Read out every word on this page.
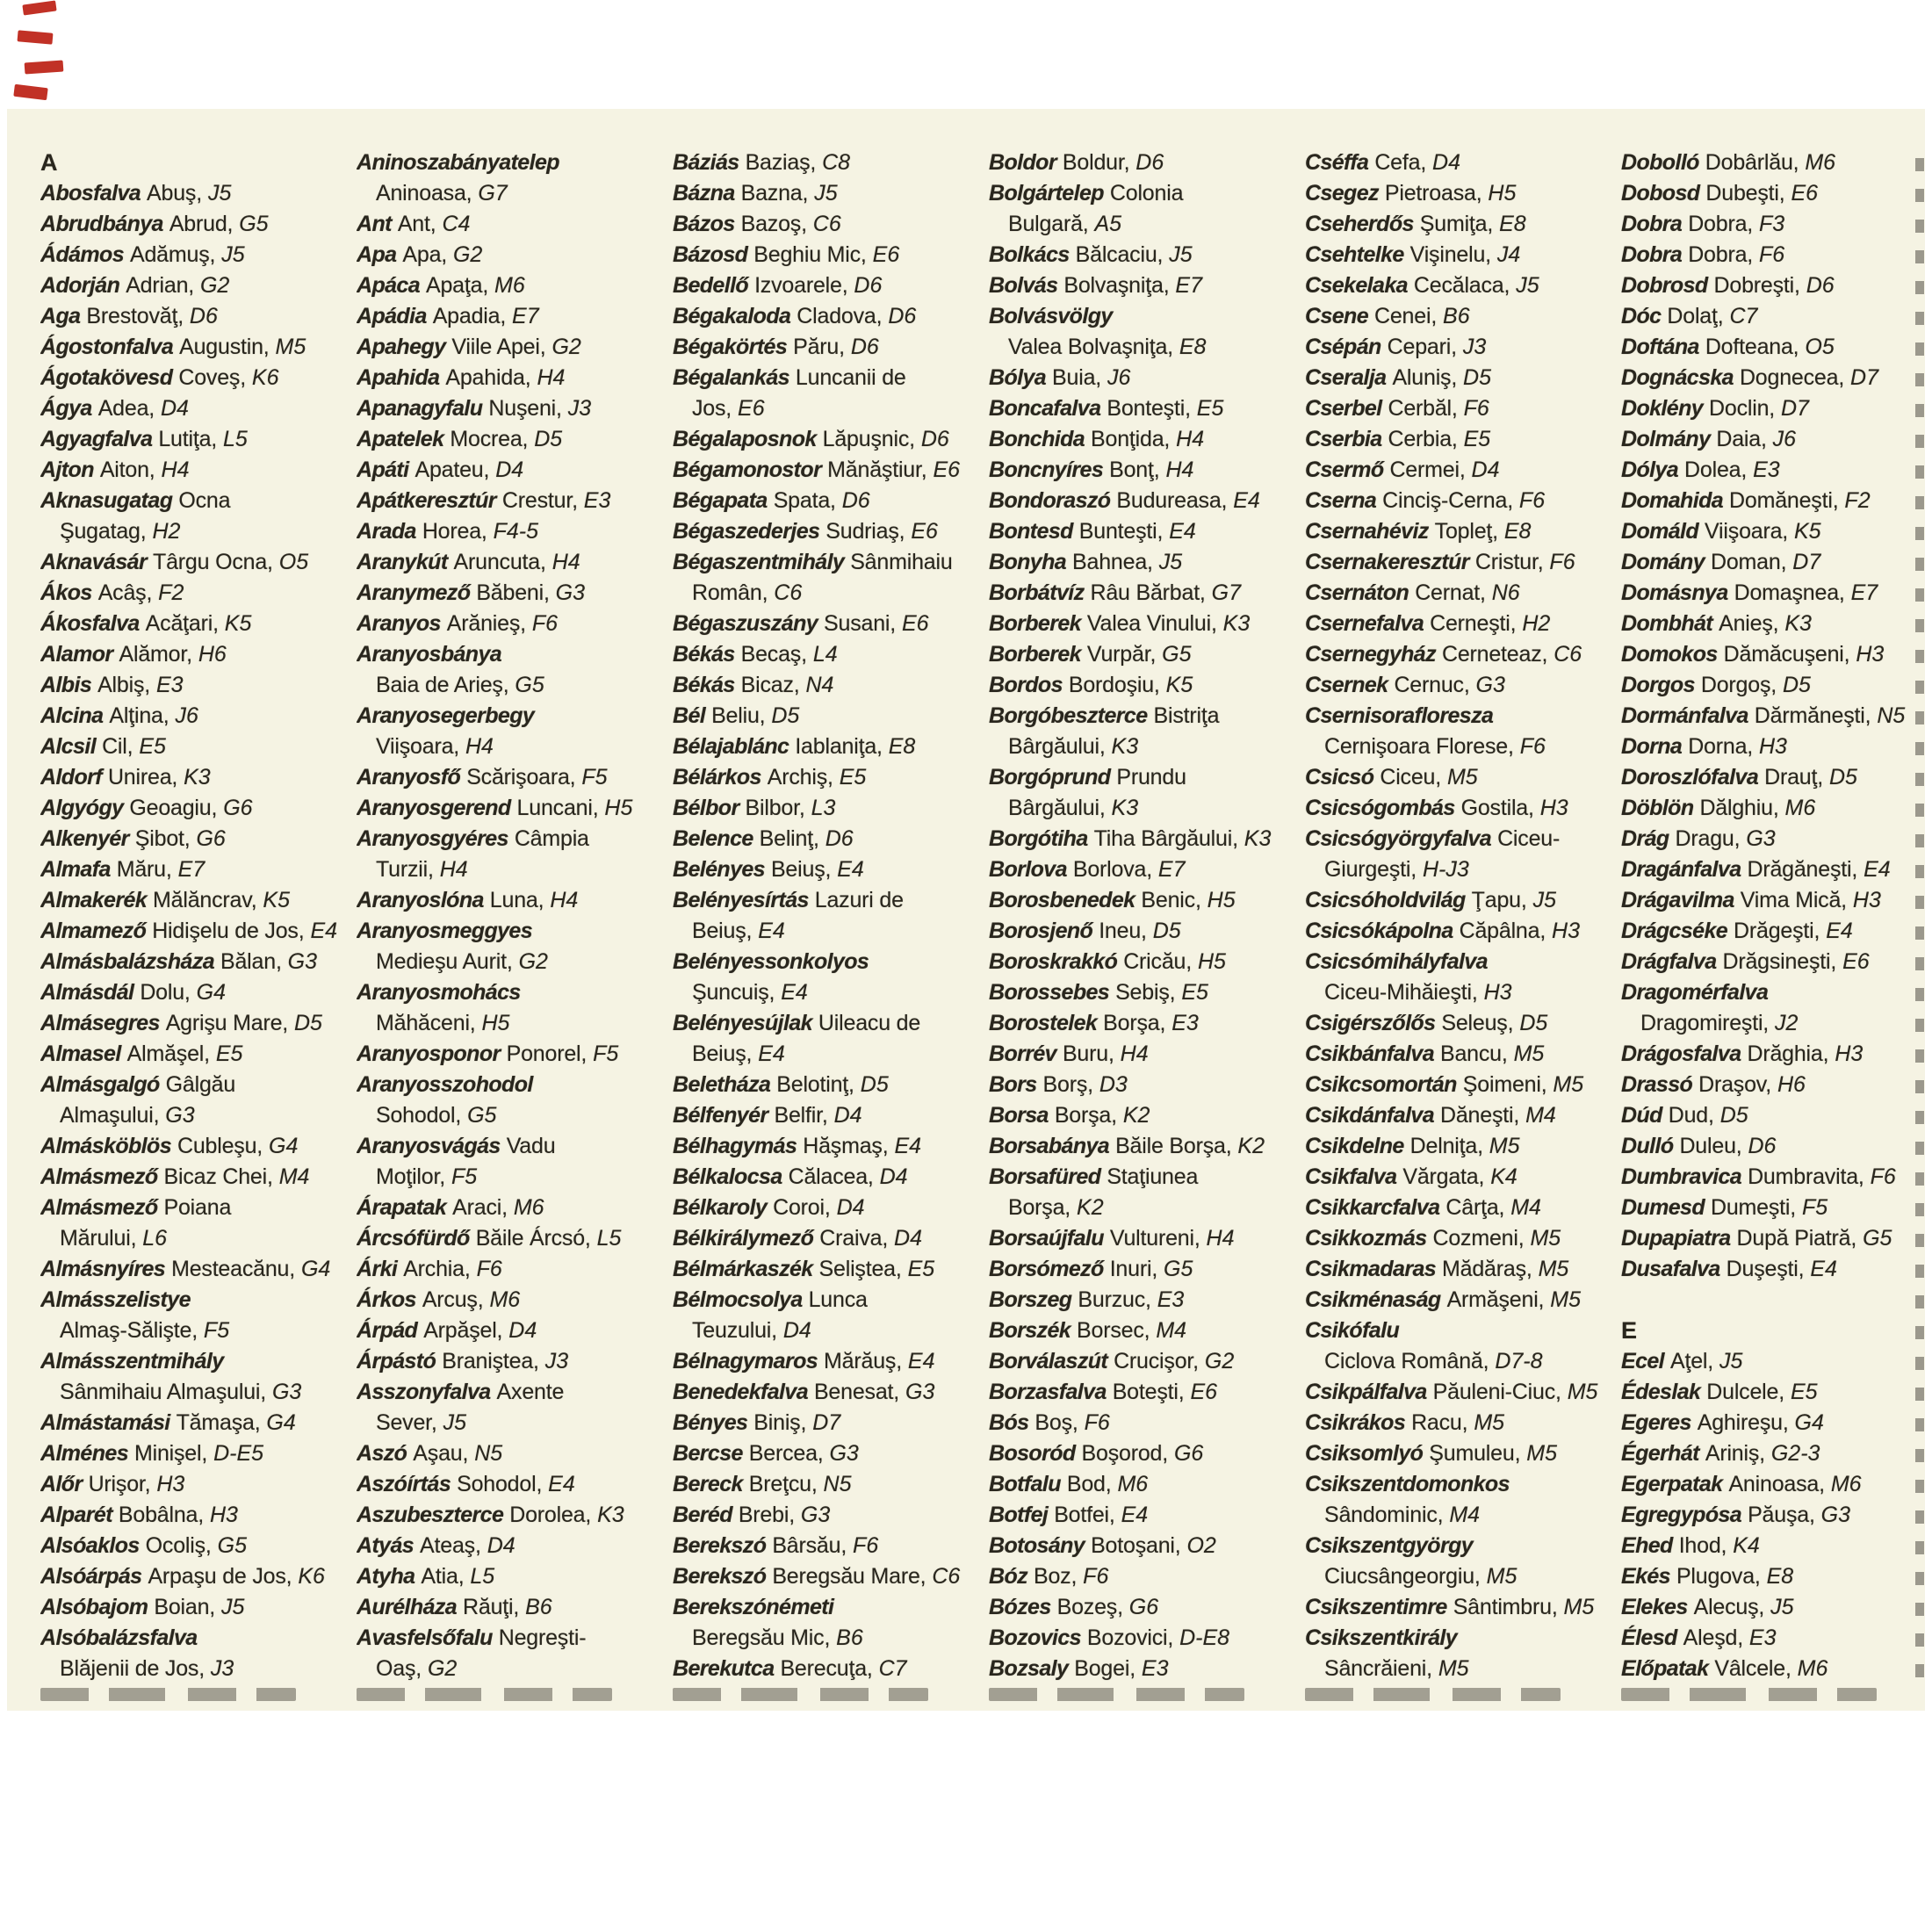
A
Abosfalva Abuş, J5
Abrudbánya Abrud, G5
Ádámos Adămuş, J5
Adorján Adrian, G2
Aga Brestovăţ, D6
Ágostonfalva Augustin, M5
Ágotakövesd Coveş, K6
Ágya Adea, D4
Agyagfalva Lutiţa, L5
Ajton Aiton, H4
Aknasugatag Ocna
Şugatag, H2
Aknavásár Târgu Ocna, O5
Ákos Acâş, F2
Ákosfalva Acăţari, K5
Alamor Alămor, H6
Albis Albiş, E3
Alcina Alţina, J6
Alcsil Cil, E5
Aldorf Unirea, K3
Algyógy Geoagiu, G6
Alkenyér Şibot, G6
Almafa Măru, E7
Almakerék Mălăncrav, K5
Almamező Hidişelu de Jos, E4
Almásbalázsháza Bălan, G3
Almásdál Dolu, G4
Almásegres Agrişu Mare, D5
Almasel Almăşel, E5
Almásgalgó Gâlgău
Almaşului, G3
Almásköblös Cubleşu, G4
Almásmező Bicaz Chei, M4
Almásmező Poiana
Mărului, L6
Almásnyíres Mesteacănu, G4
Almásszelistye
Almaş-Sălişte, F5
Almásszentmihály
Sânmihaiu Almaşului, G3
Almástamási Tămaşa, G4
Alménes Minişel, D-E5
Alőr Urişor, H3
Alparét Bobâlna, H3
Alsóaklos Ocoliş, G5
Alsóárpás Arpaşu de Jos, K6
Alsóbajom Boian, J5
Alsóbalázsfalva
Blăjenii de Jos, J3
Aninoszabányatelep
Aninoasa, G7
Ant Ant, C4
Apa Apa, G2
Apáca Apaţa, M6
Apádia Apadia, E7
Apahegy Viile Apei, G2
Apahida Apahida, H4
Apanagyfalu Nuşeni, J3
Apatelek Mocrea, D5
Apáti Apateu, D4
Apátkeresztúr Crestur, E3
Arada Horea, F4-5
Aranykút Aruncuta, H4
Aranymező Băbeni, G3
Aranyos Arănieş, F6
Aranyosbánya
Baia de Arieş, G5
Aranyosegerbegy
Viişoara, H4
Aranyosfő Scărişoara, F5
Aranyosgerend Luncani, H5
Aranyosgyéres Câmpia
Turzii, H4
Aranyoslóna Luna, H4
Aranyosmeggyes
Medieşu Aurit, G2
Aranyosmohács
Măhăceni, H5
Aranyosponor Ponorel, F5
Aranyosszohodol
Sohodol, G5
Aranyosvágás Vadu
Moţilor, F5
Árapatak Araci, M6
Árcsófürdő Băile Árcsó, L5
Árki Archia, F6
Árkos Arcuş, M6
Árpád Arpăşel, D4
Árpástó Braniştea, J3
Asszonyfalva Axente
Sever, J5
Aszó Aşau, N5
Aszóírtás Sohodol, E4
Aszubeszterce Dorolea, K3
Atyás Ateaş, D4
Atyha Atia, L5
Aurélháza Răuţi, B6
Avasfelsőfalu Negreşti-
Oaş, G2
Báziás Baziaş, C8
Bázna Bazna, J5
Bázos Bazoş, C6
Bázosd Beghiu Mic, E6
Bedellő Izvoarele, D6
Bégakaloda Cladova, D6
Bégakörtés Păru, D6
Bégalankás Luncanii de
Jos, E6
Bégalaposnok Lăpuşnic, D6
Bégamonostor Mănăştiur, E6
Bégapata Spata, D6
Bégaszederjes Sudriaş, E6
Bégaszentmihály Sânmihaiu
Român, C6
Bégaszuszány Susani, E6
Békás Becaş, L4
Békás Bicaz, N4
Bél Beliu, D5
Bélajablánc Iablaniţa, E8
Bélárkos Archiş, E5
Bélbor Bilbor, L3
Belence Belinţ, D6
Belényes Beiuş, E4
Belényesírtás Lazuri de
Beiuş, E4
Belényessonkolyos
Şuncuiş, E4
Belényesújlak Uileacu de
Beiuş, E4
Beletháza Belotinţ, D5
Bélfenyér Belfir, D4
Bélhagymás Hăşmaş, E4
Bélkalocsa Călacea, D4
Bélkaroly Coroi, D4
Bélkirálymező Craiva, D4
Bélmárkaszék Seliştea, E5
Bélmocsolya Lunca
Teuzului, D4
Bélnagymaros Mărăuş, E4
Benedekfalva Benesat, G3
Bényes Biniş, D7
Bercse Bercea, G3
Bereck Breţcu, N5
Beréd Brebi, G3
Berekszó Bârsău, F6
Berekszó Beregsău Mare, C6
Berekszónémeti
Beregsău Mic, B6
Berekutca Berecuţa, C7
Boldor Boldur, D6
Bolgártelep Colonia
Bulgară, A5
Bolkács Bălcaciu, J5
Bolvás Bolvaşniţa, E7
Bolvásvölgy
Valea Bolvaşniţa, E8
Bólya Buia, J6
Boncafalva Bonteşti, E5
Bonchida Bonţida, H4
Boncnyíres Bonţ, H4
Bondoraszó Budureasa, E4
Bontesd Bunteşti, E4
Bonyha Bahnea, J5
Borbátvíz Râu Bărbat, G7
Borberek Valea Vinului, K3
Borberek Vurpăr, G5
Bordos Bordoşiu, K5
Borgóbeszterce Bistriţa
Bârgăului, K3
Borgóprund Prundu
Bârgăului, K3
Borgótiha Tiha Bârgăului, K3
Borlova Borlova, E7
Borosbenedek Benic, H5
Borosjenő Ineu, D5
Boroskrakkó Cricău, H5
Borossebes Sebiş, E5
Borostelek Borşa, E3
Borrév Buru, H4
Bors Borş, D3
Borsa Borşa, K2
Borsabánya Băile Borşa, K2
Borsafüred Staţiunea
Borşa, K2
Borsaújfalu Vultureni, H4
Borsómező Inuri, G5
Borszeg Burzuc, E3
Borszék Borsec, M4
Borválaszút Crucişor, G2
Borzasfalva Boteşti, E6
Bós Boş, F6
Bosoród Boşorod, G6
Botfalu Bod, M6
Botfej Botfei, E4
Botosány Botoşani, O2
Bóz Boz, F6
Bózes Bozeş, G6
Bozovics Bozovici, D-E8
Bozsaly Bogei, E3
Cséffa Cefa, D4
Csegez Pietroasa, H5
Cseherdős Şumiţa, E8
Csehtelke Vişinelu, J4
Csekelaka Cecălaca, J5
Csene Cenei, B6
Csépán Cepari, J3
Cseralja Aluniş, D5
Cserbel Cerbăl, F6
Cserbia Cerbia, E5
Csermő Cermei, D4
Cserna Cinciş-Cerna, F6
Csernahéviz Topleţ, E8
Csernakeresztúr Cristur, F6
Csernáton Cernat, N6
Csernefalva Cerneşti, H2
Csernegyház Cerneteaz, C6
Csernek Cernuc, G3
Csernisorafloresza
Cernişoara Florese, F6
Csicsó Ciceu, M5
Csicsógombás Gostila, H3
Csicsógyörgyfalva Ciceu-
Giurgeşti, H-J3
Csicsóholdvilág Ţapu, J5
Csicsókápolna Căpâlna, H3
Csicsómihályfalva
Ciceu-Mihăieşti, H3
Csigérszőlős Seleuş, D5
Csikbánfalva Bancu, M5
Csikcsomortán Şoimeni, M5
Csikdánfalva Dăneşti, M4
Csikdelne Delniţa, M5
Csikfalva Vărgata, K4
Csikkarcfalva Cârţa, M4
Csikkozmás Cozmeni, M5
Csikmadaras Mădăraş, M5
Csikménaság Armăşeni, M5
Csikófalu
Ciclova Română, D7-8
Csikpálfalva Păuleni-Ciuc, M5
Csikrákos Racu, M5
Csiksomlyó Şumuleu, M5
Csikszentdomonkos
Sândominic, M4
Csikszentgyörgy
Ciucsângeorgiu, M5
Csikszentimre Sântimbru, M5
Csikszentkirály
Sâncrăieni, M5
Dobolló Dobârlău, M6
Dobosd Dubeşti, E6
Dobra Dobra, F3
Dobra Dobra, F6
Dobrosd Dobreşti, D6
Dóc Dolaţ, C7
Doftána Dofteana, O5
Dognácska Dognecea, D7
Doklény Doclin, D7
Dolmány Daia, J6
Dólya Dolea, E3
Domahida Domăneşti, F2
Domáld Viişoara, K5
Domány Doman, D7
Domásnya Domaşnea, E7
Dombhát Anieş, K3
Domokos Dămăcuşeni, H3
Dorgos Dorgoş, D5
Dormánfalva Dărmăneşti, N5
Dorna Dorna, H3
Doroszlófalva Drauţ, D5
Döblön Dălghiu, M6
Drág Dragu, G3
Dragánfalva Drăgăneşti, E4
Drágavilma Vima Mică, H3
Drágcséke Drăgeşti, E4
Drágfalva Drăgsineşti, E6
Dragomérfalva
Dragomireşti, J2
Drágosfalva Drăghia, H3
Drassó Draşov, H6
Dúd Dud, D5
Dulló Duleu, D6
Dumbravica Dumbravita, F6
Dumesd Dumeşti, F5
Dupapiatra După Piatră, G5
Dusafalva Duşeşti, E4
E
Ecel Aţel, J5
Édeslak Dulcele, E5
Egeres Aghireşu, G4
Égerhát Ariniş, G2-3
Egerpatak Aninoasa, M6
Egregypósa Păuşa, G3
Ehed Ihod, K4
Ekés Plugova, E8
Elekes Alecuş, J5
Élesd Aleşd, E3
Előpatak Vâlcele, M6
